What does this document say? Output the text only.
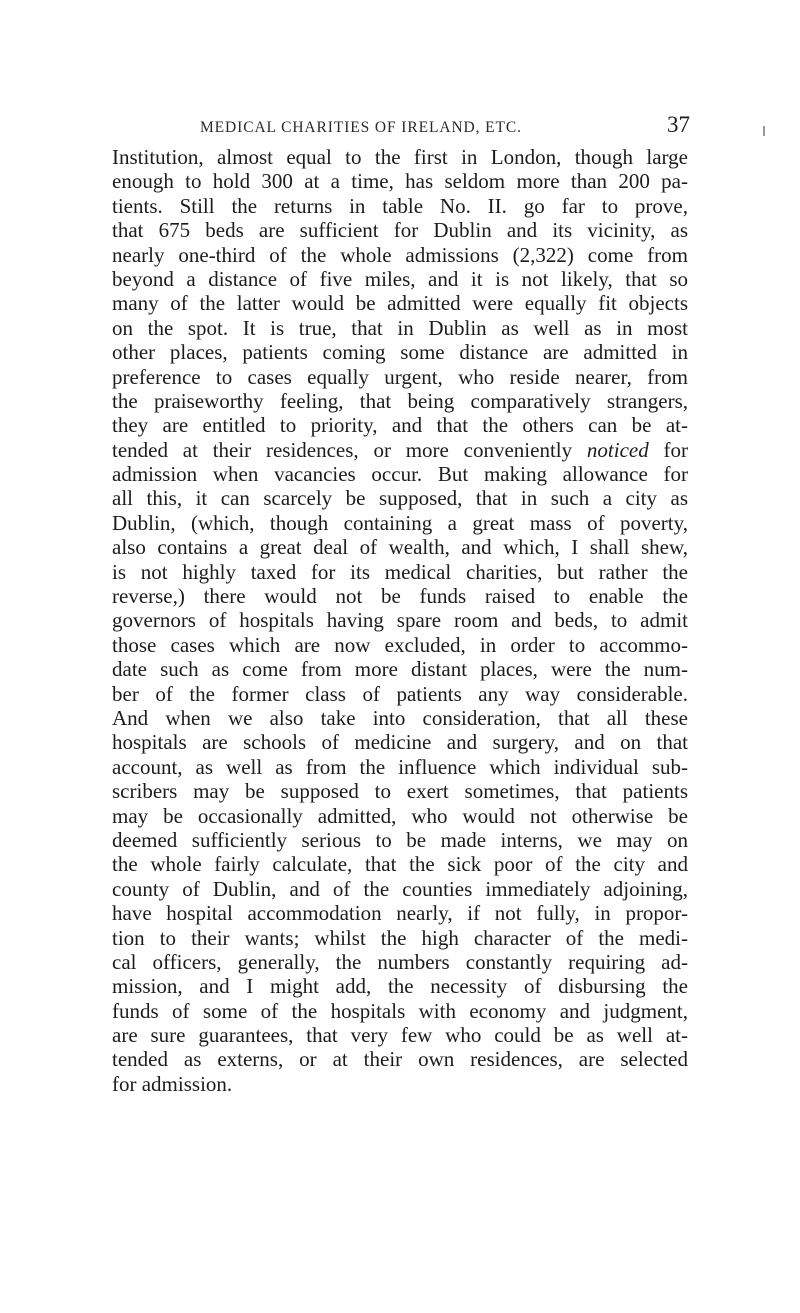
MEDICAL CHARITIES OF IRELAND, ETC.	37
Institution, almost equal to the first in London, though large
enough to hold 300 at a time, has seldom more than 200 pa-
tients. Still the returns in table No. II. go far to prove,
that 675 beds are sufficient for Dublin and its vicinity, as
nearly one-third of the whole admissions (2,322) come from
beyond a distance of five miles, and it is not likely, that so
many of the latter would be admitted were equally fit objects
on the spot. It is true, that in Dublin as well as in most
other places, patients coming some distance are admitted in
preference to cases equally urgent, who reside nearer, from
the praiseworthy feeling, that being comparatively strangers,
they are entitled to priority, and that the others can be at-
tended at their residences, or more conveniently noticed for
admission when vacancies occur. But making allowance for
all this, it can scarcely be supposed, that in such a city as
Dublin, (which, though containing a great mass of poverty,
also contains a great deal of wealth, and which, I shall shew,
is not highly taxed for its medical charities, but rather the
reverse,) there would not be funds raised to enable the
governors of hospitals having spare room and beds, to admit
those cases which are now excluded, in order to accommo-
date such as come from more distant places, were the num-
ber of the former class of patients any way considerable.
And when we also take into consideration, that all these
hospitals are schools of medicine and surgery, and on that
account, as well as from the influence which individual sub-
scribers may be supposed to exert sometimes, that patients
may be occasionally admitted, who would not otherwise be
deemed sufficiently serious to be made interns, we may on
the whole fairly calculate, that the sick poor of the city and
county of Dublin, and of the counties immediately adjoining,
have hospital accommodation nearly, if not fully, in propor-
tion to their wants; whilst the high character of the medi-
cal officers, generally, the numbers constantly requiring ad-
mission, and I might add, the necessity of disbursing the
funds of some of the hospitals with economy and judgment,
are sure guarantees, that very few who could be as well at-
tended as externs, or at their own residences, are selected
for admission.
